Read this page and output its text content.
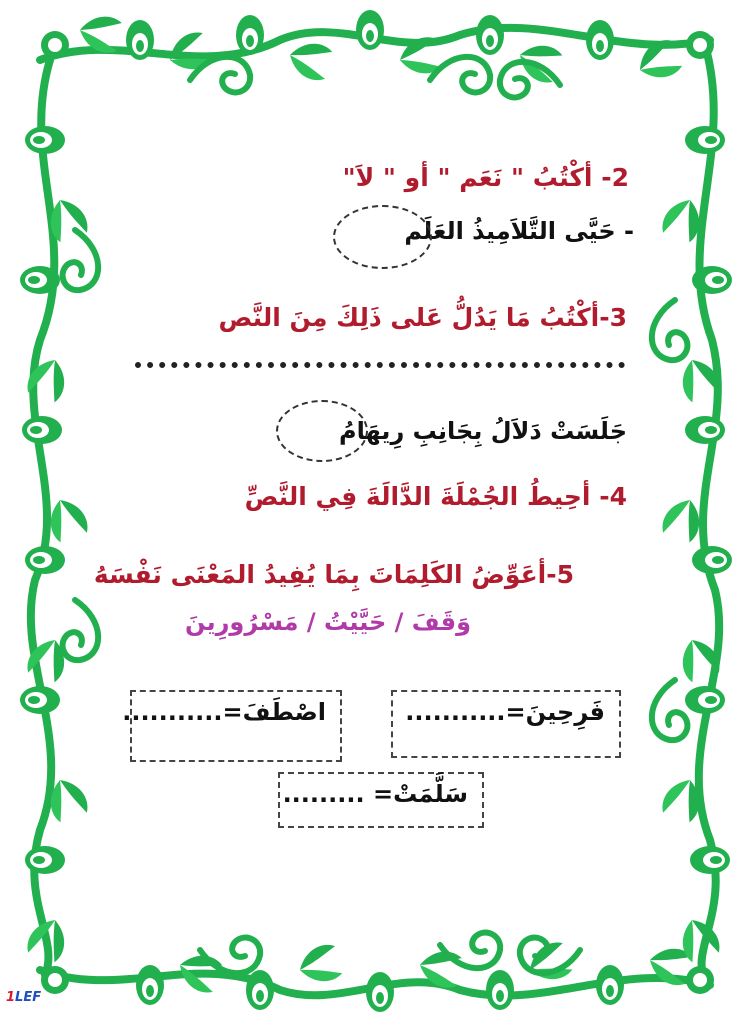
2- أكْتُبُ " نَعَم " أو " لاَ"
- حَيَّى التَّلاَمِيذُ العَلَم
3-أكْتُبُ مَا يَدُلُّ عَلى ذَلِكَ مِنَ النَّص
جَلَسَتْ دَلاَلُ بِجَانِبِ رِيهَامُ
4- أحِيطُ الجُمْلَةَ الدَّالَةَ فِي النَّصِّ
5-أعَوِّضُ الكَلِمَاتَ بِمَا يُفِيدُ المَعْنَى نَفْسَهُ
وَقَفَ / حَيَّيْتُ / مَسْرُورِينَ
فَرِحِينَ=...........
اصْطَفَ=...........
سَلَّمَتْ= .........
1LEF
